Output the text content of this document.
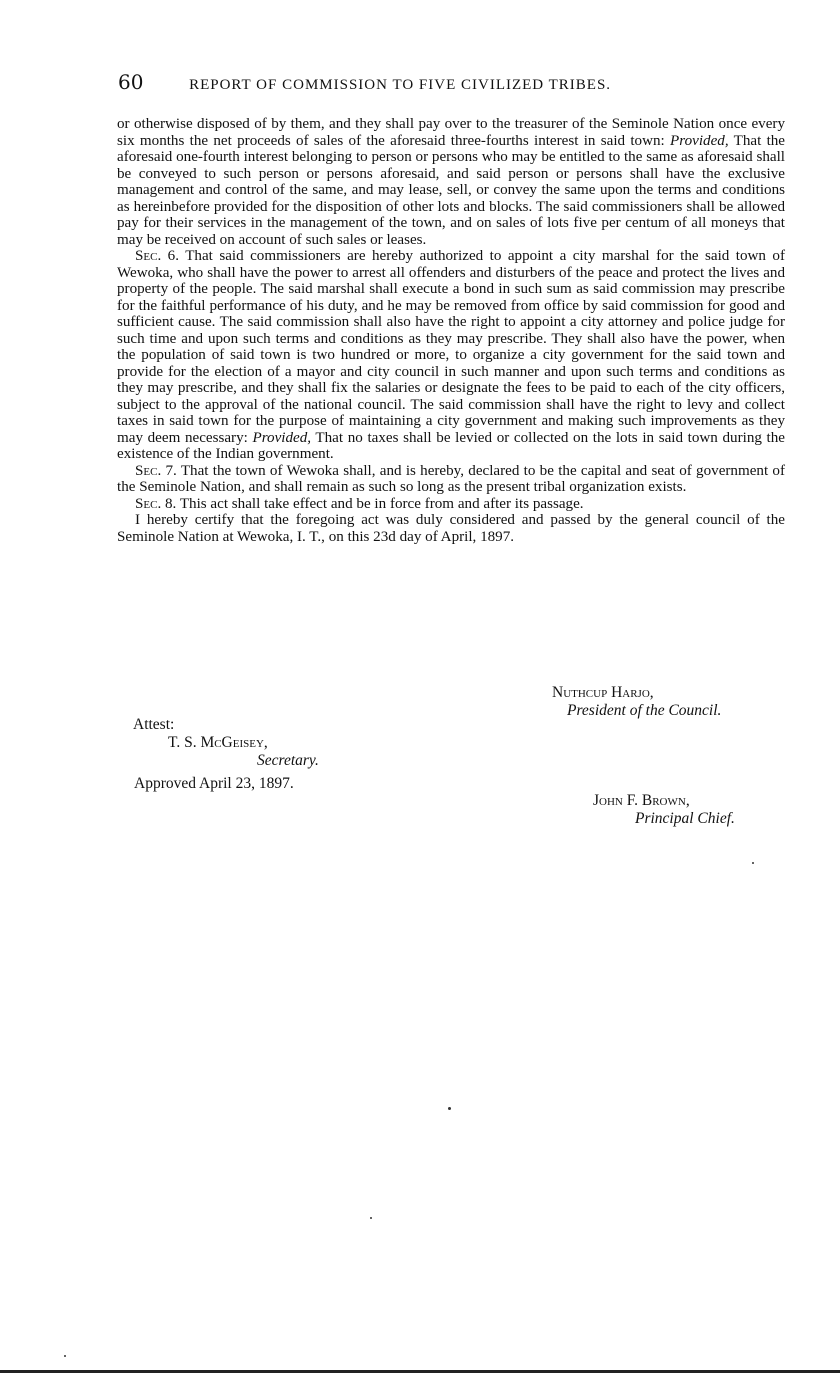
60	REPORT OF COMMISSION TO FIVE CIVILIZED TRIBES.

or otherwise disposed of by them, and they shall pay over to the treasurer of the Seminole Nation once every six months the net proceeds of sales of the aforesaid three-fourths interest in said town: Provided, That the aforesaid one-fourth interest belonging to person or persons who may be entitled to the same as aforesaid shall be conveyed to such person or persons aforesaid, and said person or persons shall have the exclusive management and control of the same, and may lease, sell, or convey the same upon the terms and conditions as hereinbefore provided for the disposition of other lots and blocks. The said commissioners shall be allowed pay for their services in the management of the town, and on sales of lots five per centum of all moneys that may be received on account of such sales or leases.

Sec. 6. That said commissioners are hereby authorized to appoint a city marshal for the said town of Wewoka, who shall have the power to arrest all offenders and disturbers of the peace and protect the lives and property of the people. The said marshal shall execute a bond in such sum as said commission may prescribe for the faithful performance of his duty, and he may be removed from office by said commission for good and sufficient cause. The said commission shall also have the right to appoint a city attorney and police judge for such time and upon such terms and conditions as they may prescribe. They shall also have the power, when the population of said town is two hundred or more, to organize a city government for the said town and provide for the election of a mayor and city council in such manner and upon such terms and conditions as they may prescribe, and they shall fix the salaries or designate the fees to be paid to each of the city officers, subject to the approval of the national council. The said commission shall have the right to levy and collect taxes in said town for the purpose of maintaining a city government and making such improvements as they may deem necessary: Provided, That no taxes shall be levied or collected on the lots in said town during the existence of the Indian government.

Sec. 7. That the town of Wewoka shall, and is hereby, declared to be the capital and seat of government of the Seminole Nation, and shall remain as such so long as the present tribal organization exists.

Sec. 8. This act shall take effect and be in force from and after its passage.

I hereby certify that the foregoing act was duly considered and passed by the general council of the Seminole Nation at Wewoka, I. T., on this 23d day of April, 1897.

Nuthcup Harjo,
President of the Council.
Attest:
T. S. McGeisey,
Secretary.
Approved April 23, 1897.
John F. Brown,
Principal Chief.
